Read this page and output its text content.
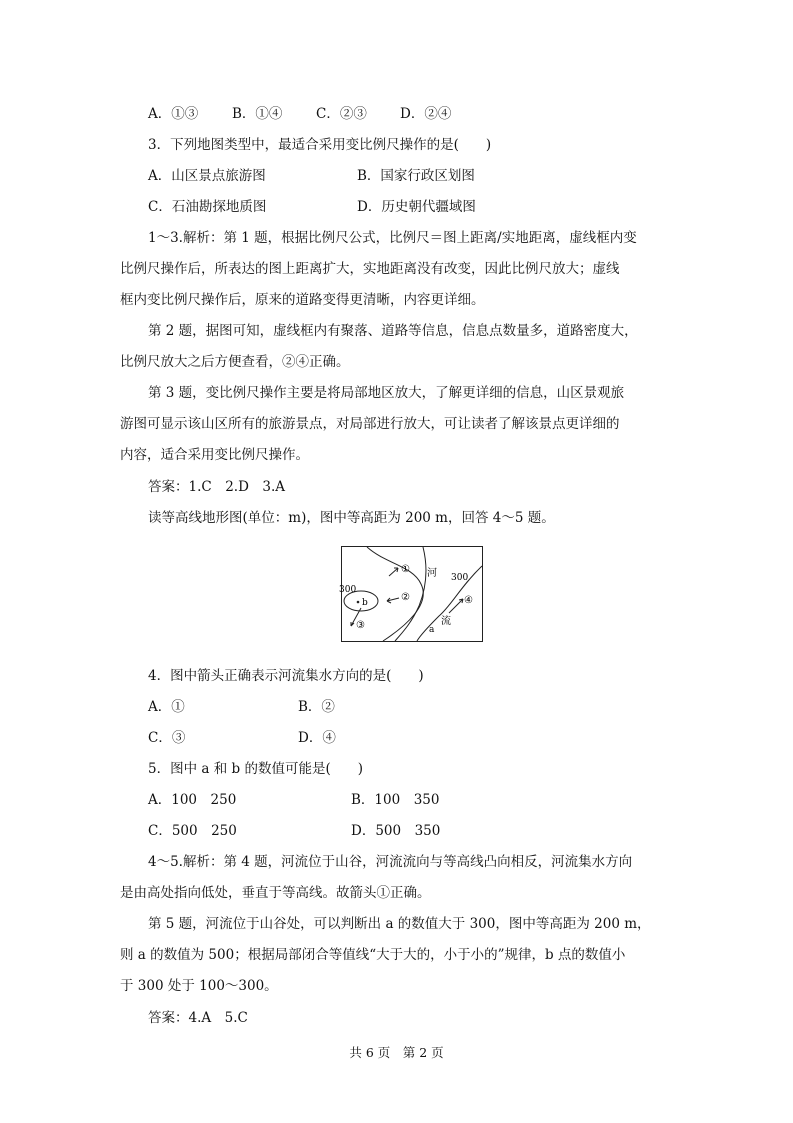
A．①③	B．①④ C．②③ D．②④
3．下列地图类型中，最适合采用变比例尺操作的是(　　)
A．山区景点旅游图	B．国家行政区划图
C．石油勘探地质图	D．历史朝代疆域图
1～3.解析：第 1 题，根据比例尺公式，比例尺＝图上距离/实地距离，虚线框内变
比例尺操作后，所表达的图上距离扩大，实地距离没有改变，因此比例尺放大；虚线
框内变比例尺操作后，原来的道路变得更清晰，内容更详细。
第 2 题，据图可知，虚线框内有聚落、道路等信息，信息点数量多，道路密度大，
比例尺放大之后方便查看，②④正确。
第 3 题，变比例尺操作主要是将局部地区放大，了解更详细的信息，山区景观旅
游图可显示该山区所有的旅游景点，对局部进行放大，可让读者了解该景点更详细的
内容，适合采用变比例尺操作。
答案：1.C　2.D　3.A
读等高线地形图(单位：m)，图中等高距为 200 m，回答 4～5 题。
① 河 300
300
②
b	④
③	流
a
4．图中箭头正确表示河流集水方向的是(　　)
A．①	B．②
C．③	D．④
5．图中 a 和 b 的数值可能是(　　)
A．100　250	B．100　350
C．500　250	D．500　350
4～5.解析：第 4 题，河流位于山谷，河流流向与等高线凸向相反，河流集水方向
是由高处指向低处，垂直于等高线。故箭头①正确。
第 5 题，河流位于山谷处，可以判断出 a 的数值大于 300，图中等高距为 200 m，
则 a 的数值为 500；根据局部闭合等值线“大于大的，小于小的”规律，b 点的数值小
于 300 处于 100～300。
答案：4.A　5.C
共 6 页　第 2 页
